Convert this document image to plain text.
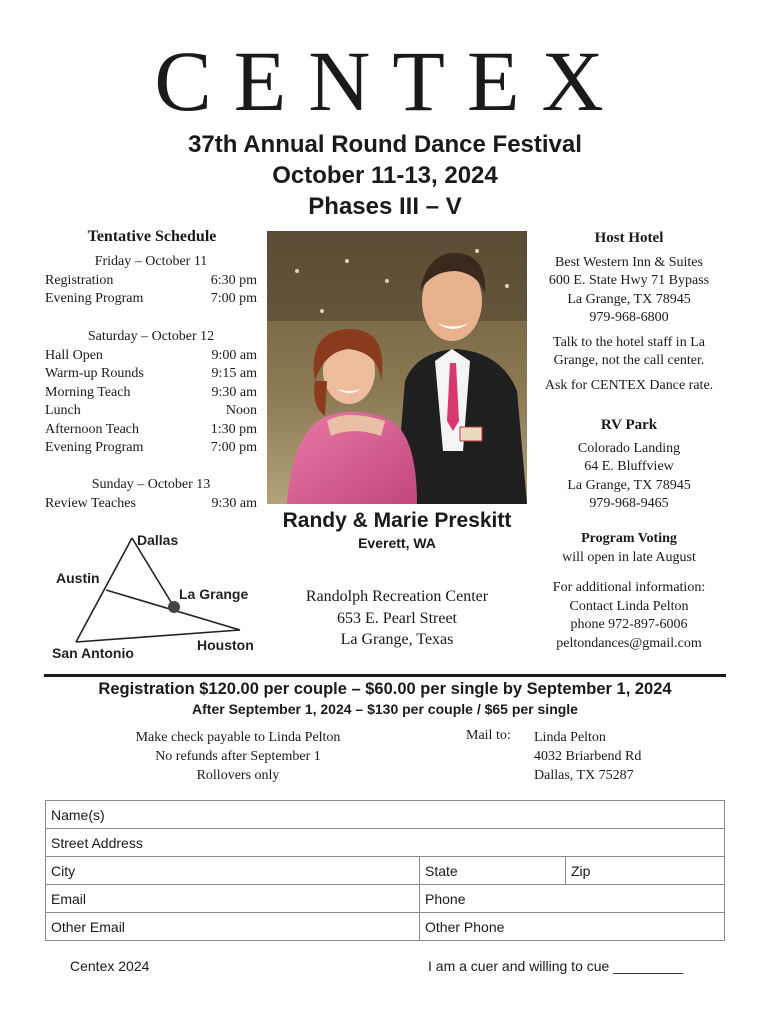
CENTEX
37th Annual Round Dance Festival
October 11-13, 2024
Phases III – V
Tentative Schedule
Friday – October 11
Registration	6:30 pm
Evening Program	7:00 pm
Saturday – October 12
Hall Open	9:00 am
Warm-up Rounds	9:15 am
Morning Teach	9:30 am
Lunch	Noon
Afternoon Teach	1:30 pm
Evening Program	7:00 pm
Sunday – October 13
Review Teaches	9:30 am
Dallas
Austin
La Grange
San Antonio	Houston
Randy & Marie Preskitt
Everett, WA
Randolph Recreation Center
653 E. Pearl Street
La Grange, Texas
Host Hotel
Best Western Inn & Suites
600 E. State Hwy 71 Bypass
La Grange, TX 78945
979-968-6800
Talk to the hotel staff in La Grange, not the call center.
Ask for CENTEX Dance rate.
RV Park
Colorado Landing
64 E. Bluffview
La Grange, TX 78945
979-968-9465
Program Voting
will open in late August
For additional information:
Contact Linda Pelton
phone 972-897-6006
peltondances@gmail.com
Registration $120.00 per couple – $60.00 per single by September 1, 2024
After September 1, 2024 – $130 per couple / $65 per single
Make check payable to Linda Pelton
No refunds after September 1
Rollovers only
Mail to: Linda Pelton
4032 Briarbend Rd
Dallas, TX 75287
Name(s)		
Street Address		
City	State	Zip
Email	Phone	
Other Email	Other Phone	
Centex 2024	I am a cuer and willing to cue _________
